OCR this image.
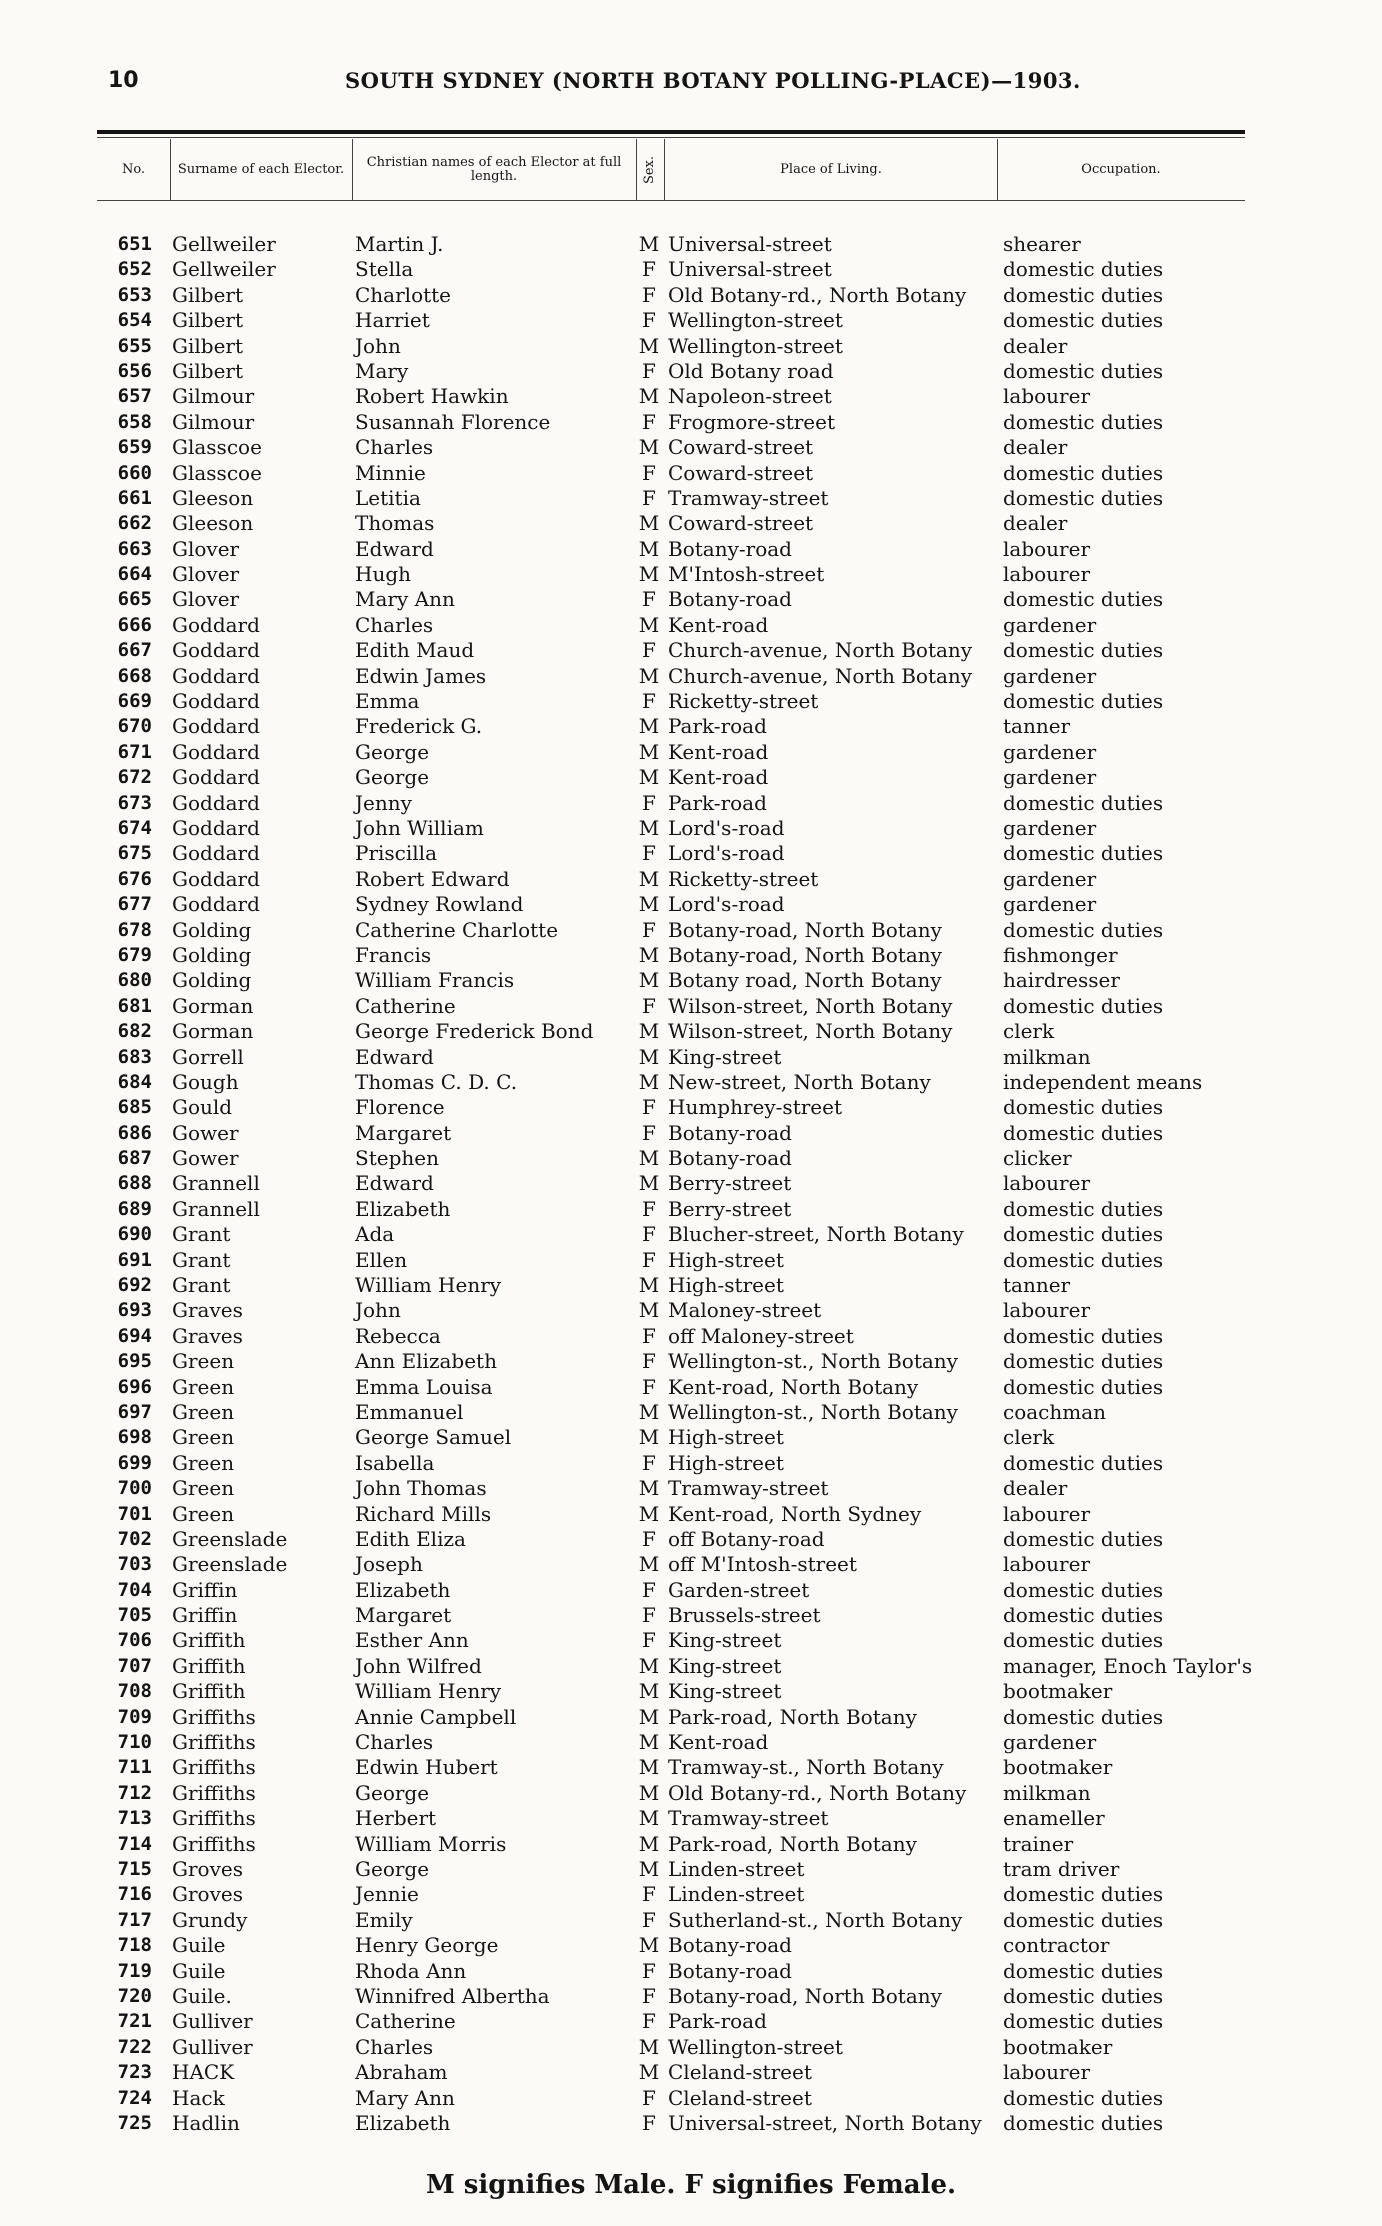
10	SOUTH SYDNEY (NORTH BOTANY POLLING-PLACE)—1903.
No.	Surname of each Elector.	Christian names of each Elector at full length.	Sex.	Place of Living.	Occupation.
651 Gellweiler	Martin J.	M Universal-street	shearer
652 Gellweiler	Stella	F Universal-street	domestic duties
653 Gilbert	Charlotte	F Old Botany-rd., North Botany domestic duties
654 Gilbert	Harriet	F Wellington-street	domestic duties
655 Gilbert	John	M Wellington-street	dealer
656 Gilbert	Mary	F Old Botany road	domestic duties
657 Gilmour	Robert Hawkin	M Napoleon-street	labourer
658 Gilmour	Susannah Florence	F Frogmore-street	domestic duties
659 Glasscoe	Charles	M Coward-street	dealer
660 Glasscoe	Minnie	F Coward-street	domestic duties
661 Gleeson	Letitia	F Tramway-street	domestic duties
662 Gleeson	Thomas	M Coward-street	dealer
663 Glover	Edward	M Botany-road	labourer
664 Glover	Hugh	M M'Intosh-street	labourer
665 Glover	Mary Ann	F Botany-road	domestic duties
666 Goddard	Charles	M Kent-road	gardener
667 Goddard	Edith Maud	F Church-avenue, North Botany domestic duties
668 Goddard	Edwin James	M Church-avenue, North Botany gardener
669 Goddard	Emma	F Ricketty-street	domestic duties
670 Goddard	Frederick G.	M Park-road	tanner
671 Goddard	George	M Kent-road	gardener
672 Goddard	George	M Kent-road	gardener
673 Goddard	Jenny	F Park-road	domestic duties
674 Goddard	John William	M Lord's-road	gardener
675 Goddard	Priscilla	F Lord's-road	domestic duties
676 Goddard	Robert Edward	M Ricketty-street	gardener
677 Goddard	Sydney Rowland	M Lord's-road	gardener
678 Golding	Catherine Charlotte	F Botany-road, North Botany	domestic duties
679 Golding	Francis	M Botany-road, North Botany	fishmonger
680 Golding	William Francis	M Botany road, North Botany	hairdresser
681 Gorman	Catherine	F Wilson-street, North Botany	domestic duties
682 Gorman	George Frederick Bond M Wilson-street, North Botany	clerk
683 Gorrell	Edward	M King-street	milkman
684 Gough	Thomas C. D. C.	M New-street, North Botany	independent means
685 Gould	Florence	F Humphrey-street	domestic duties
686 Gower	Margaret	F Botany-road	domestic duties
687 Gower	Stephen	M Botany-road	clicker
688 Grannell	Edward	M Berry-street	labourer
689 Grannell	Elizabeth	F Berry-street	domestic duties
690 Grant	Ada	F Blucher-street, North Botany domestic duties
691 Grant	Ellen	F High-street	domestic duties
692 Grant	William Henry	M High-street	tanner
693 Graves	John	M Maloney-street	labourer
694 Graves	Rebecca	F off Maloney-street	domestic duties
695 Green	Ann Elizabeth	F Wellington-st., North Botany domestic duties
696 Green	Emma Louisa	F Kent-road, North Botany	domestic duties
697 Green	Emmanuel	M Wellington-st., North Botany coachman
698 Green	George Samuel	M High-street	clerk
699 Green	Isabella	F High-street	domestic duties
700 Green	John Thomas	M Tramway-street	dealer
701 Green	Richard Mills	M Kent-road, North Sydney	labourer
702 Greenslade	Edith Eliza	F off Botany-road	domestic duties
703 Greenslade	Joseph	M off M'Intosh-street	labourer
704 Griffin	Elizabeth	F Garden-street	domestic duties
705 Griffin	Margaret	F Brussels-street	domestic duties
706 Griffith	Esther Ann	F King-street	domestic duties
707 Griffith	John Wilfred	M King-street	manager, Enoch Taylor's
708 Griffith	William Henry	M King-street	bootmaker
709 Griffiths	Annie Campbell	M Park-road, North Botany	domestic duties
710 Griffiths	Charles	M Kent-road	gardener
711 Griffiths	Edwin Hubert	M Tramway-st., North Botany	bootmaker
712 Griffiths	George	M Old Botany-rd., North Botany milkman
713 Griffiths	Herbert	M Tramway-street	enameller
714 Griffiths	William Morris	M Park-road, North Botany	trainer
715 Groves	George	M Linden-street	tram driver
716 Groves	Jennie	F Linden-street	domestic duties
717 Grundy	Emily	F Sutherland-st., North Botany domestic duties
718 Guile	Henry George	M Botany-road	contractor
719 Guile	Rhoda Ann	F Botany-road	domestic duties
720 Guile.	Winnifred Albertha	F Botany-road, North Botany	domestic duties
721 Gulliver	Catherine	F Park-road	domestic duties
722 Gulliver	Charles	M Wellington-street	bootmaker
723 HACK	Abraham	M Cleland-street	labourer
724 Hack	Mary Ann	F Cleland-street	domestic duties
725 Hadlin	Elizabeth	F Universal-street, North Botany domestic duties
M signifies Male. F signifies Female.
